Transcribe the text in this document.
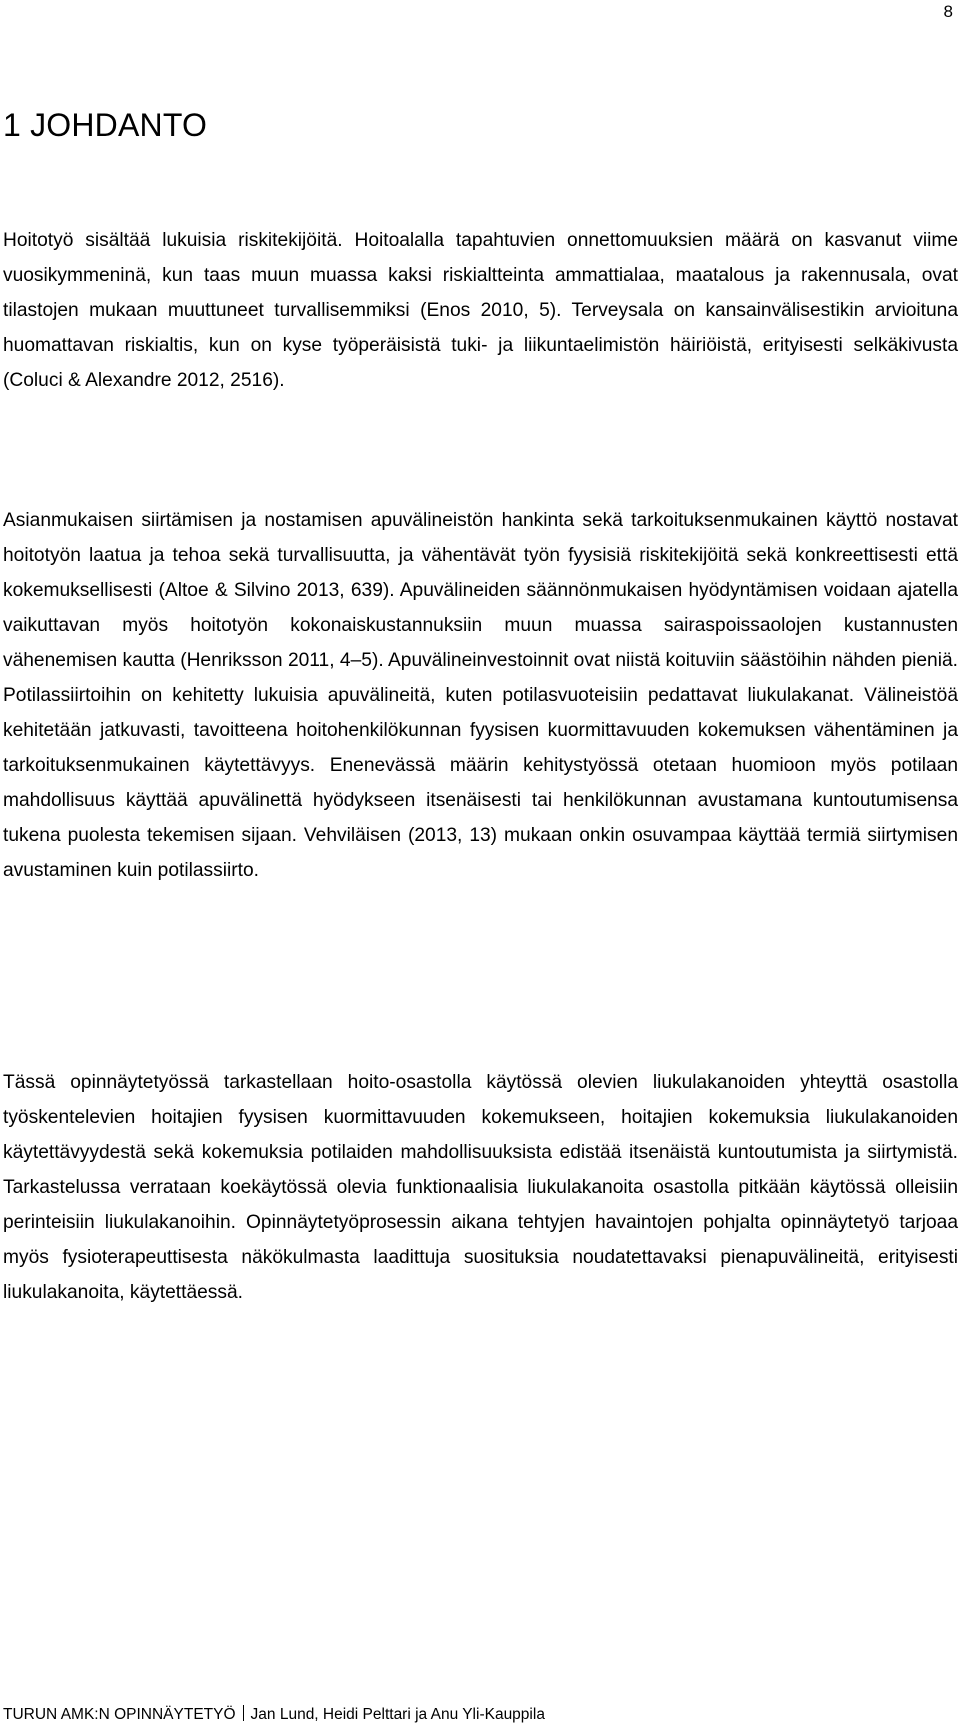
8
1 JOHDANTO

Hoitotyö sisältää lukuisia riskitekijöitä. Hoitoalalla tapahtuvien onnettomuuksien määrä on kasvanut viime vuosikymmeninä, kun taas muun muassa kaksi riskialtteinta ammattialaa, maatalous ja rakennusala, ovat tilastojen mukaan muuttuneet turvallisemmiksi (Enos 2010, 5). Terveysala on kansainvälisestikin arvioituna huomattavan riskialtis, kun on kyse työperäisistä tuki- ja liikuntaelimistön häiriöistä, erityisesti selkäkivusta (Coluci & Alexandre 2012, 2516).

Asianmukaisen siirtämisen ja nostamisen apuvälineistön hankinta sekä tarkoituksenmukainen käyttö nostavat hoitotyön laatua ja tehoa sekä turvallisuutta, ja vähentävät työn fyysisiä riskitekijöitä sekä konkreettisesti että kokemuksellisesti (Altoe & Silvino 2013, 639). Apuvälineiden säännönmukaisen hyödyntämisen voidaan ajatella vaikuttavan myös hoitotyön kokonaiskustannuksiin muun muassa sairaspoissaolojen kustannusten vähenemisen kautta (Henriksson 2011, 4–5). Apuvälineinvestoinnit ovat niistä koituviin säästöihin nähden pieniä. Potilassiirtoihin on kehitetty lukuisia apuvälineitä, kuten potilasvuoteisiin pedattavat liukulakanat. Välineistöä kehitetään jatkuvasti, tavoitteena hoitohenkilökunnan fyysisen kuormittavuuden kokemuksen vähentäminen ja tarkoituksenmukainen käytettävyys. Enenevässä määrin kehitystyössä otetaan huomioon myös potilaan mahdollisuus käyttää apuvälinettä hyödykseen itsenäisesti tai henkilökunnan avustamana kuntoutumisensa tukena puolesta tekemisen sijaan. Vehviläisen (2013, 13) mukaan onkin osuvampaa käyttää termiä siirtymisen avustaminen kuin potilassiirto.

Tässä opinnäytetyössä tarkastellaan hoito-osastolla käytössä olevien liukulakanoiden yhteyttä osastolla työskentelevien hoitajien fyysisen kuormittavuuden kokemukseen, hoitajien kokemuksia liukulakanoiden käytettävyydestä sekä kokemuksia potilaiden mahdollisuuksista edistää itsenäistä kuntoutumista ja siirtymistä. Tarkastelussa verrataan koekäytössä olevia funktionaalisia liukulakanoita osastolla pitkään käytössä olleisiin perinteisiin liukulakanoihin. Opinnäytetyöprosessin aikana tehtyjen havaintojen pohjalta opinnäytetyö tarjoaa myös fysioterapeuttisesta näkökulmasta laadittuja suosituksia noudatettavaksi pienapuvälineitä, erityisesti liukulakanoita, käytettäessä.

TURUN AMK:N OPINNÄYTETYÖ Jan Lund, Heidi Pelttari ja Anu Yli-Kauppila
